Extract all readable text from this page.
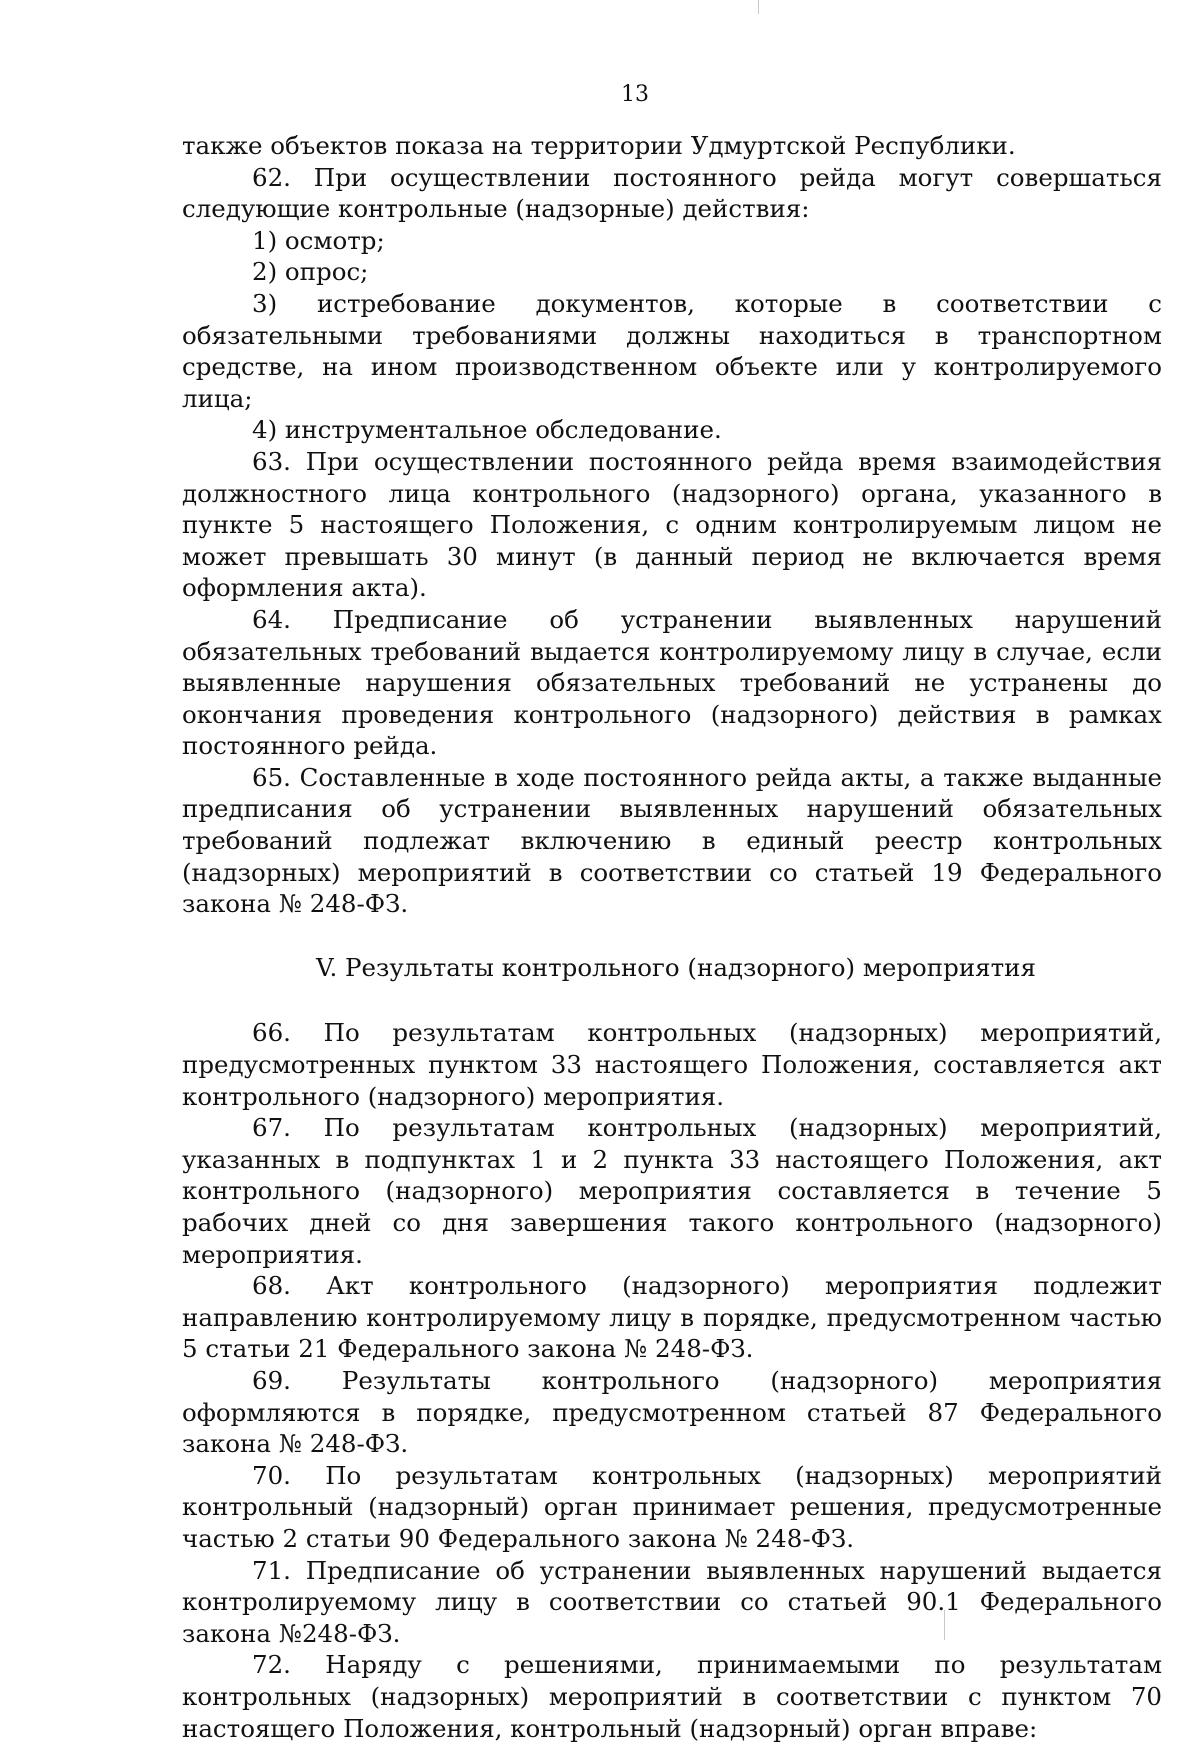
13

также объектов показа на территории Удмуртской Республики.

62. При осуществлении постоянного рейда могут совершаться следующие контрольные (надзорные) действия:

1) осмотр;

2) опрос;

3) истребование документов, которые в соответствии с обязательными требованиями должны находиться в транспортном средстве, на ином производственном объекте или у контролируемого лица;

4) инструментальное обследование.

63. При осуществлении постоянного рейда время взаимодействия должностного лица контрольного (надзорного) органа, указанного в пункте 5 настоящего Положения, с одним контролируемым лицом не может превышать 30 минут (в данный период не включается время оформления акта).

64. Предписание об устранении выявленных нарушений обязательных требований выдается контролируемому лицу в случае, если выявленные нарушения обязательных требований не устранены до окончания проведения контрольного (надзорного) действия в рамках постоянного рейда.

65. Составленные в ходе постоянного рейда акты, а также выданные предписания об устранении выявленных нарушений обязательных требований подлежат включению в единый реестр контрольных (надзорных) мероприятий в соответствии со статьей 19 Федерального закона № 248-ФЗ.

V. Результаты контрольного (надзорного) мероприятия

66. По результатам контрольных (надзорных) мероприятий, предусмотренных пунктом 33 настоящего Положения, составляется акт контрольного (надзорного) мероприятия.

67. По результатам контрольных (надзорных) мероприятий, указанных в подпунктах 1 и 2 пункта 33 настоящего Положения, акт контрольного (надзорного) мероприятия составляется в течение 5 рабочих дней со дня завершения такого контрольного (надзорного) мероприятия.

68. Акт контрольного (надзорного) мероприятия подлежит направлению контролируемому лицу в порядке, предусмотренном частью 5 статьи 21 Федерального закона № 248-ФЗ.

69. Результаты контрольного (надзорного) мероприятия оформляются в порядке, предусмотренном статьей 87 Федерального закона № 248-ФЗ.

70. По результатам контрольных (надзорных) мероприятий контрольный (надзорный) орган принимает решения, предусмотренные частью 2 статьи 90 Федерального закона № 248-ФЗ.

71. Предписание об устранении выявленных нарушений выдается контролируемому лицу в соответствии со статьей 90.1 Федерального закона №248-ФЗ.

72. Наряду с решениями, принимаемыми по результатам контрольных (надзорных) мероприятий в соответствии с пунктом 70 настоящего Положения, контрольный (надзорный) орган вправе:
